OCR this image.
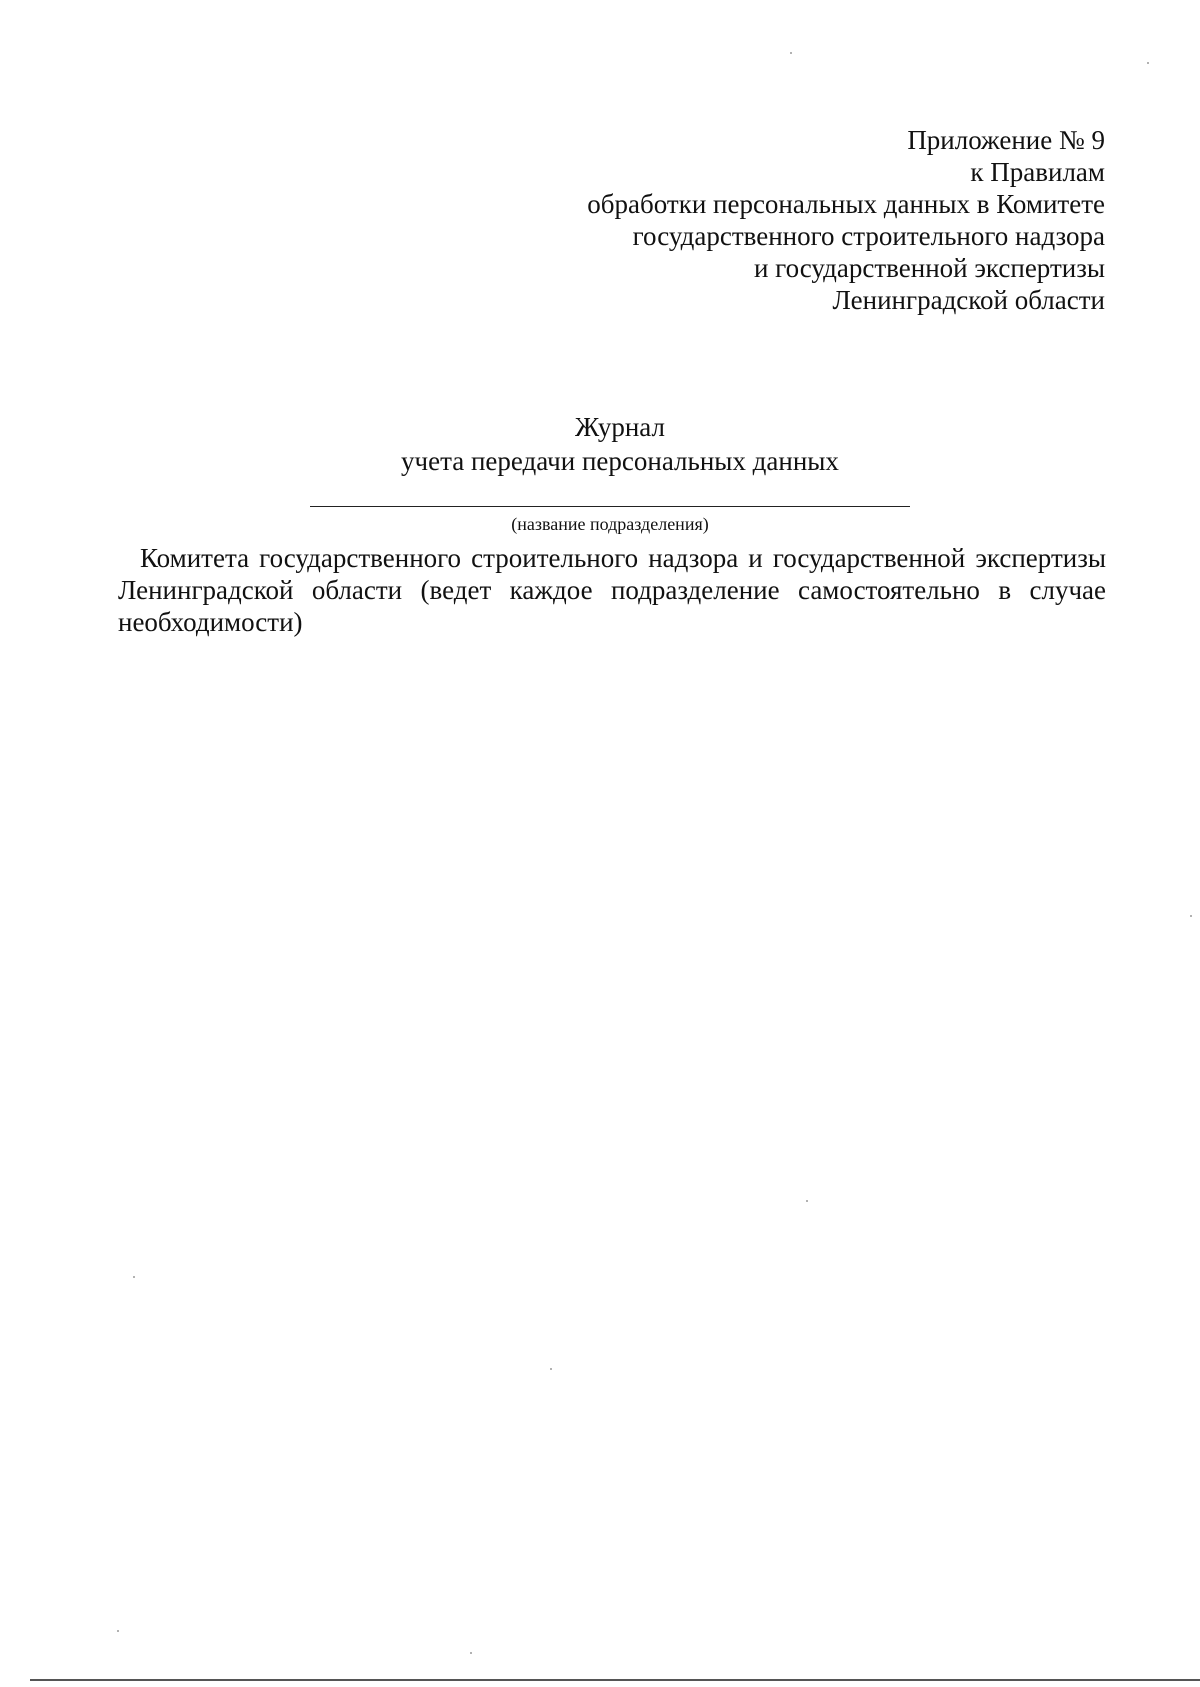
Приложение № 9
к Правилам
обработки персональных данных в Комитете
государственного строительного надзора
и государственной экспертизы
Ленинградской области
Журнал
учета передачи персональных данных
(название подразделения)
Комитета государственного строительного надзора и государственной экспертизы Ленинградской области (ведет каждое подразделение самостоятельно в случае необходимости)
